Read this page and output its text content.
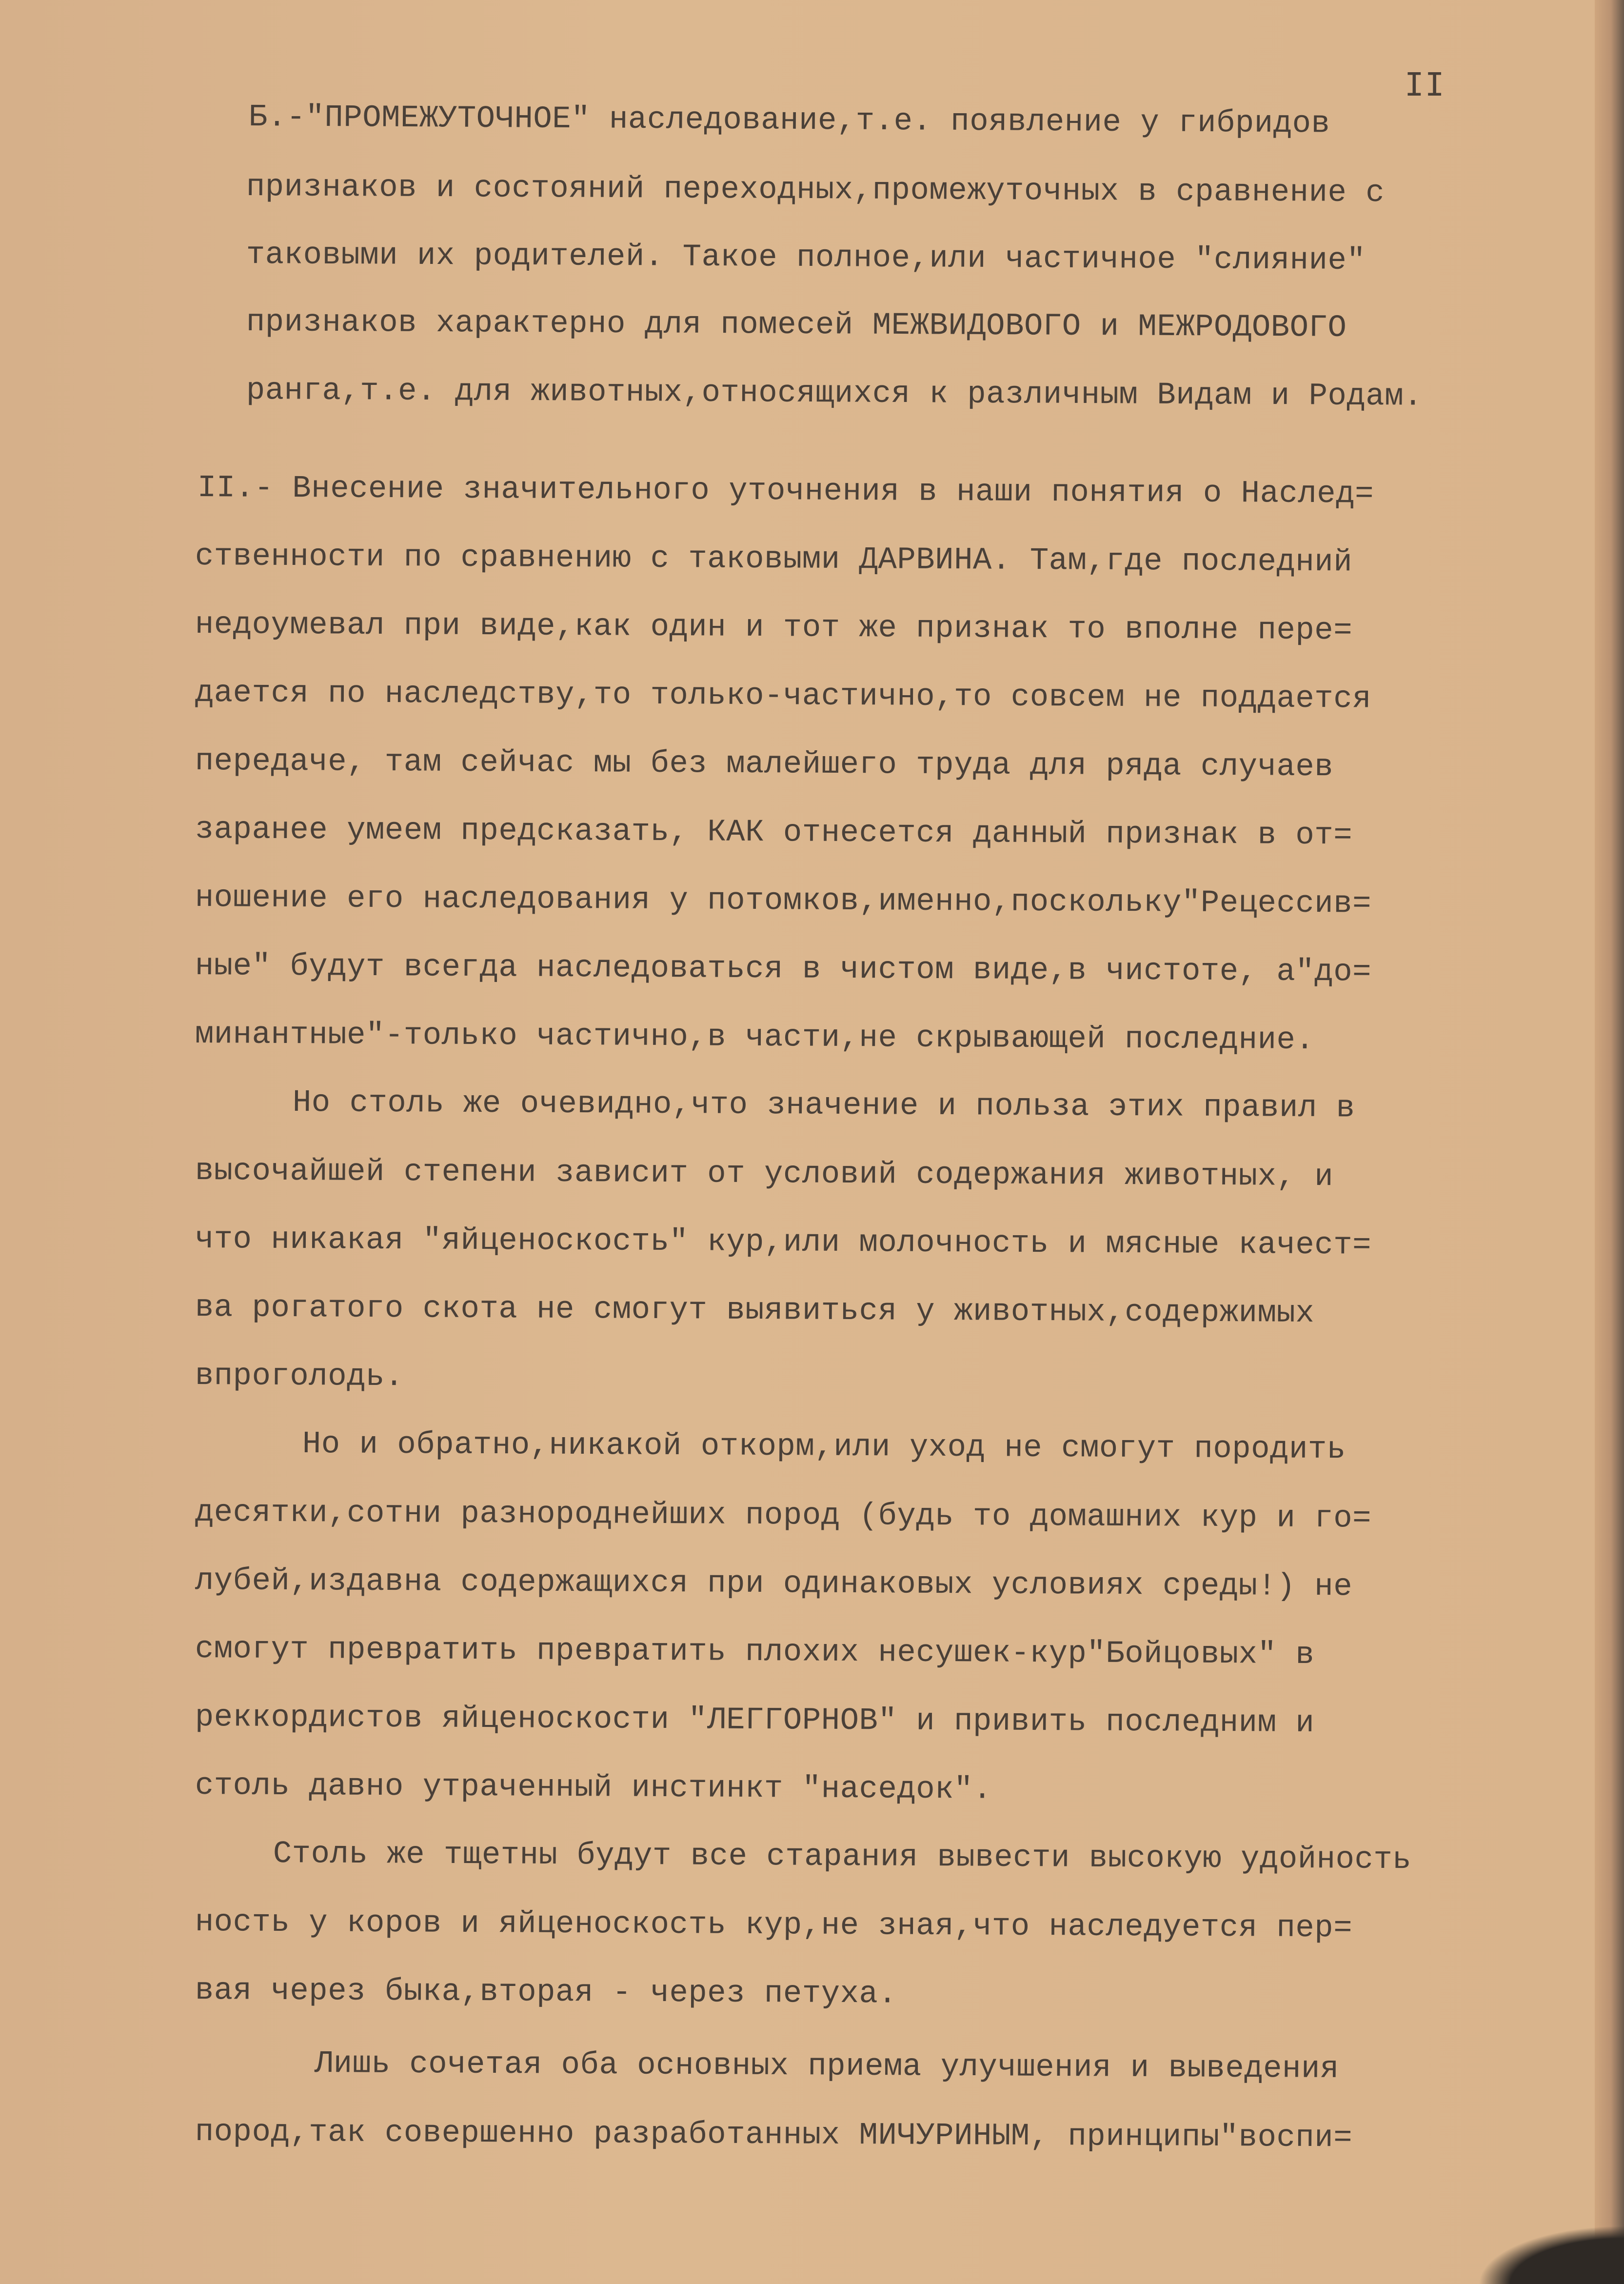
II
Б.-"ПРОМЕЖУТОЧНОЕ" наследование,т.е. появление у гибридов
признаков и состояний переходных,промежуточных в сравнение с
таковыми их родителей. Такое полное,или частичное "слияние"
признаков характерно для помесей МЕЖВИДОВОГО и МЕЖРОДОВОГО
ранга,т.е. для животных,относящихся к различным Видам и Родам.
II.- Внесение значительного уточнения в наши понятия о Наслед=
ственности по сравнению с таковыми ДАРВИНА. Там,где последний
недоумевал при виде,как один и тот же признак то вполне пере=
дается по наследству,то только-частично,то совсем не поддается
передаче, там сейчас мы без малейшего труда для ряда случаев
заранее умеем предсказать, КАК отнесется данный признак в от=
ношение его наследования у потомков,именно,поскольку"Рецессив=
ные" будут всегда наследоваться в чистом виде,в чистоте, а"до=
минантные"-только частично,в части,не скрывающей последние.
Но столь же очевидно,что значение и польза этих правил в
высочайшей степени зависит от условий содержания животных, и
что никакая "яйценоскость" кур,или молочность и мясные качест=
ва рогатого скота не смогут выявиться у животных,содержимых
впроголодь.
Но и обратно,никакой откорм,или уход не смогут породить
десятки,сотни разнороднейших пород (будь то домашних кур и го=
лубей,издавна содержащихся при одинаковых условиях среды!) не
смогут превратить превратить плохих несушек-кур"Бойцовых" в
реккордистов яйценоскости "ЛЕГГОРНОВ" и привить последним и
столь давно утраченный инстинкт "наседок".
Столь же тщетны будут все старания вывести высокую удойность
ность у коров и яйценоскость кур,не зная,что наследуется пер=
вая через быка,вторая - через петуха.
Лишь сочетая оба основных приема улучшения и выведения
пород,так совершенно разработанных МИЧУРИНЫМ, принципы"воспи=
